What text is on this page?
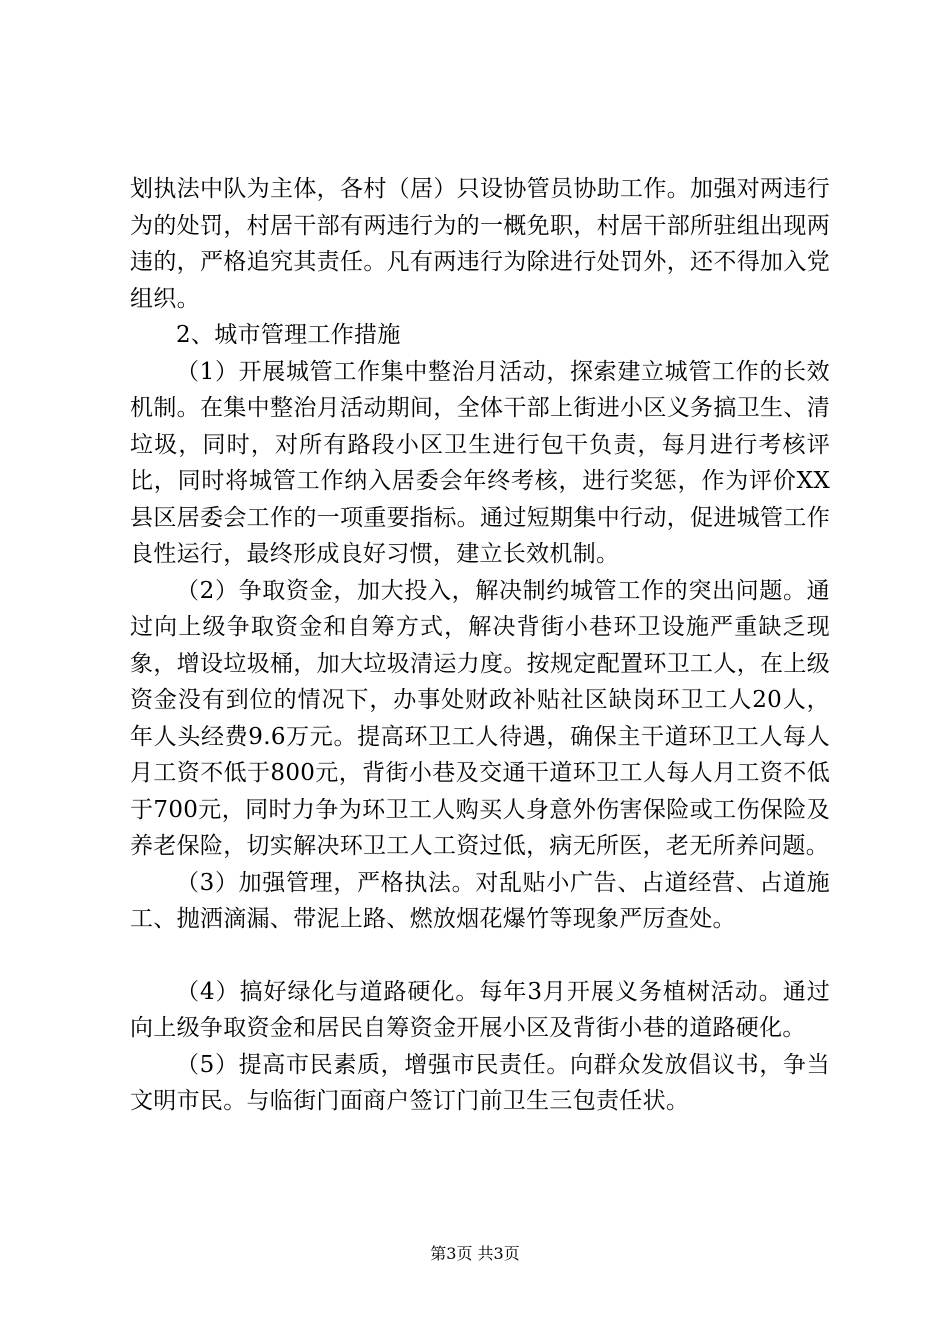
划执法中队为主体，各村（居）只设协管员协助工作。加强对两违行为的处罚，村居干部有两违行为的一概免职，村居干部所驻组出现两违的，严格追究其责任。凡有两违行为除进行处罚外，还不得加入党组织。

2、城市管理工作措施

（1）开展城管工作集中整治月活动，探索建立城管工作的长效机制。在集中整治月活动期间，全体干部上街进小区义务搞卫生、清垃圾，同时，对所有路段小区卫生进行包干负责，每月进行考核评比，同时将城管工作纳入居委会年终考核，进行奖惩，作为评价XX县区居委会工作的一项重要指标。通过短期集中行动，促进城管工作良性运行，最终形成良好习惯，建立长效机制。

（2）争取资金，加大投入，解决制约城管工作的突出问题。通过向上级争取资金和自筹方式，解决背街小巷环卫设施严重缺乏现象，增设垃圾桶，加大垃圾清运力度。按规定配置环卫工人，在上级资金没有到位的情况下，办事处财政补贴社区缺岗环卫工人20人，年人头经费9.6万元。提高环卫工人待遇，确保主干道环卫工人每人月工资不低于800元，背街小巷及交通干道环卫工人每人月工资不低于700元，同时力争为环卫工人购买人身意外伤害保险或工伤保险及养老保险，切实解决环卫工人工资过低，病无所医，老无所养问题。

（3）加强管理，严格执法。对乱贴小广告、占道经营、占道施工、抛洒滴漏、带泥上路、燃放烟花爆竹等现象严厉查处。

（4）搞好绿化与道路硬化。每年3月开展义务植树活动。通过向上级争取资金和居民自筹资金开展小区及背街小巷的道路硬化。

（5）提高市民素质，增强市民责任。向群众发放倡议书，争当文明市民。与临街门面商户签订门前卫生三包责任状。

第3页 共3页
